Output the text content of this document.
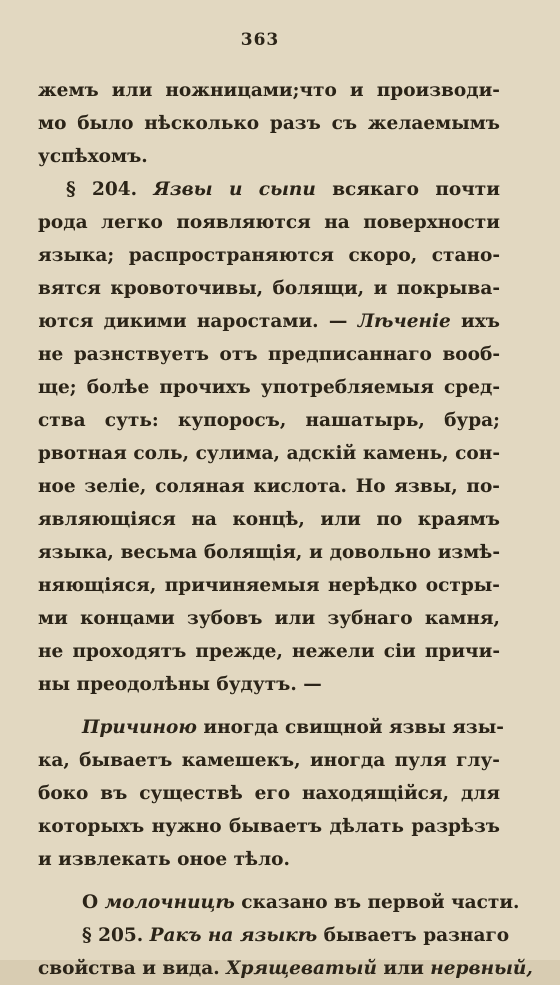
363
жемъ или ножницами;что и производи-
мо было нѣсколько разъ съ желаемымъ
успѣхомъ.
§ 204. Язвы и сыпи всякаго почти
рода легко появляются на поверхности
языка; распространяются скоро, стано-
вятся кровоточивы, болящи, и покрыва-
ются дикими наростами. — Лѣченіе ихъ
не разнствуетъ отъ предписаннаго вооб-
ще; болѣе прочихъ употребляемыя сред-
ства суть: купоросъ, нашатырь, бура;
рвотная соль, сулима, адскій камень, сон-
ное зеліе, соляная кислота. Но язвы, по-
являющіяся на концѣ, или по краямъ
языка, весьма болящія, и довольно измѣ-
няющіяся, причиняемыя нерѣдко остры-
ми концами зубовъ или зубнаго камня,
не проходятъ прежде, нежели сіи причи-
ны преодолѣны будутъ. —
Причиною иногда свищной язвы язы-
ка, бываетъ камешекъ, иногда пуля глу-
боко въ существѣ его находящійся, для
которыхъ нужно бываетъ дѣлать разрѣзъ
и извлекать оное тѣло.
О молочницѣ сказано въ первой части.
§ 205. Ракъ на языкѣ бываетъ разнаго
свойства и вида. Хрящеватый или нервный,
